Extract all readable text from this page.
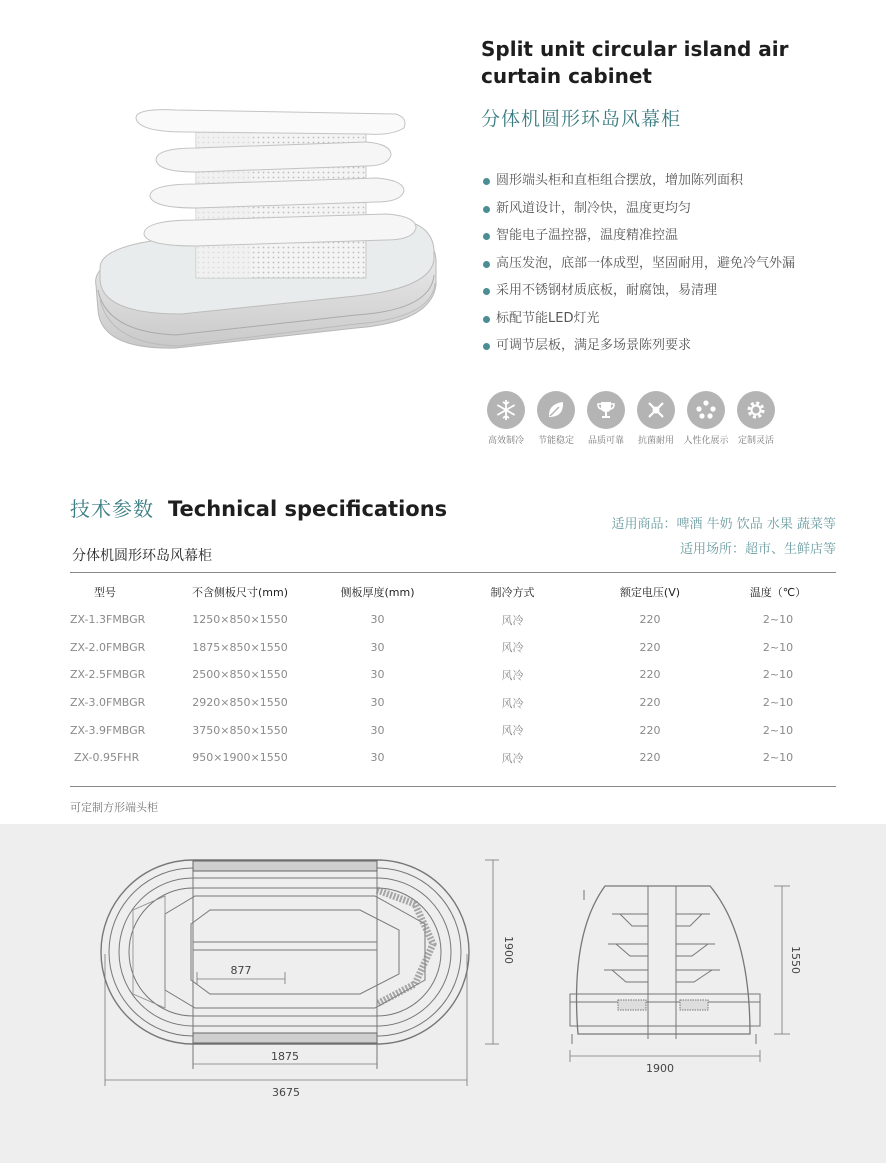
Split unit circular island air curtain cabinet
分体机圆形环岛风幕柜
圆形端头柜和直柜组合摆放，增加陈列面积
新风道设计，制冷快，温度更均匀
智能电子温控器，温度精准控温
高压发泡，底部一体成型，坚固耐用，避免冷气外漏
采用不锈钢材质底板，耐腐蚀，易清理
标配节能LED灯光
可调节层板，满足多场景陈列要求
高效制冷 节能稳定 品质可靠 抗菌耐用 人性化展示 定制灵活
技术参数 Technical specifications
适用商品：啤酒 牛奶 饮品 水果 蔬菜等
适用场所：超市、生鲜店等
分体机圆形环岛风幕柜
型号	不含侧板尺寸(mm)	侧板厚度(mm)	制冷方式	额定电压(V)	温度（℃）
ZX-1.3FMBGR	1250×850×1550	30	风冷	220	2~10
ZX-2.0FMBGR	1875×850×1550	30	风冷	220	2~10
ZX-2.5FMBGR	2500×850×1550	30	风冷	220	2~10
ZX-3.0FMBGR	2920×850×1550	30	风冷	220	2~10
ZX-3.9FMBGR	3750×850×1550	30	风冷	220	2~10
ZX-0.95FHR	950×1900×1550	30	风冷	220	2~10
可定制方形端头柜
877
1875
3675
1900
1900
1550
